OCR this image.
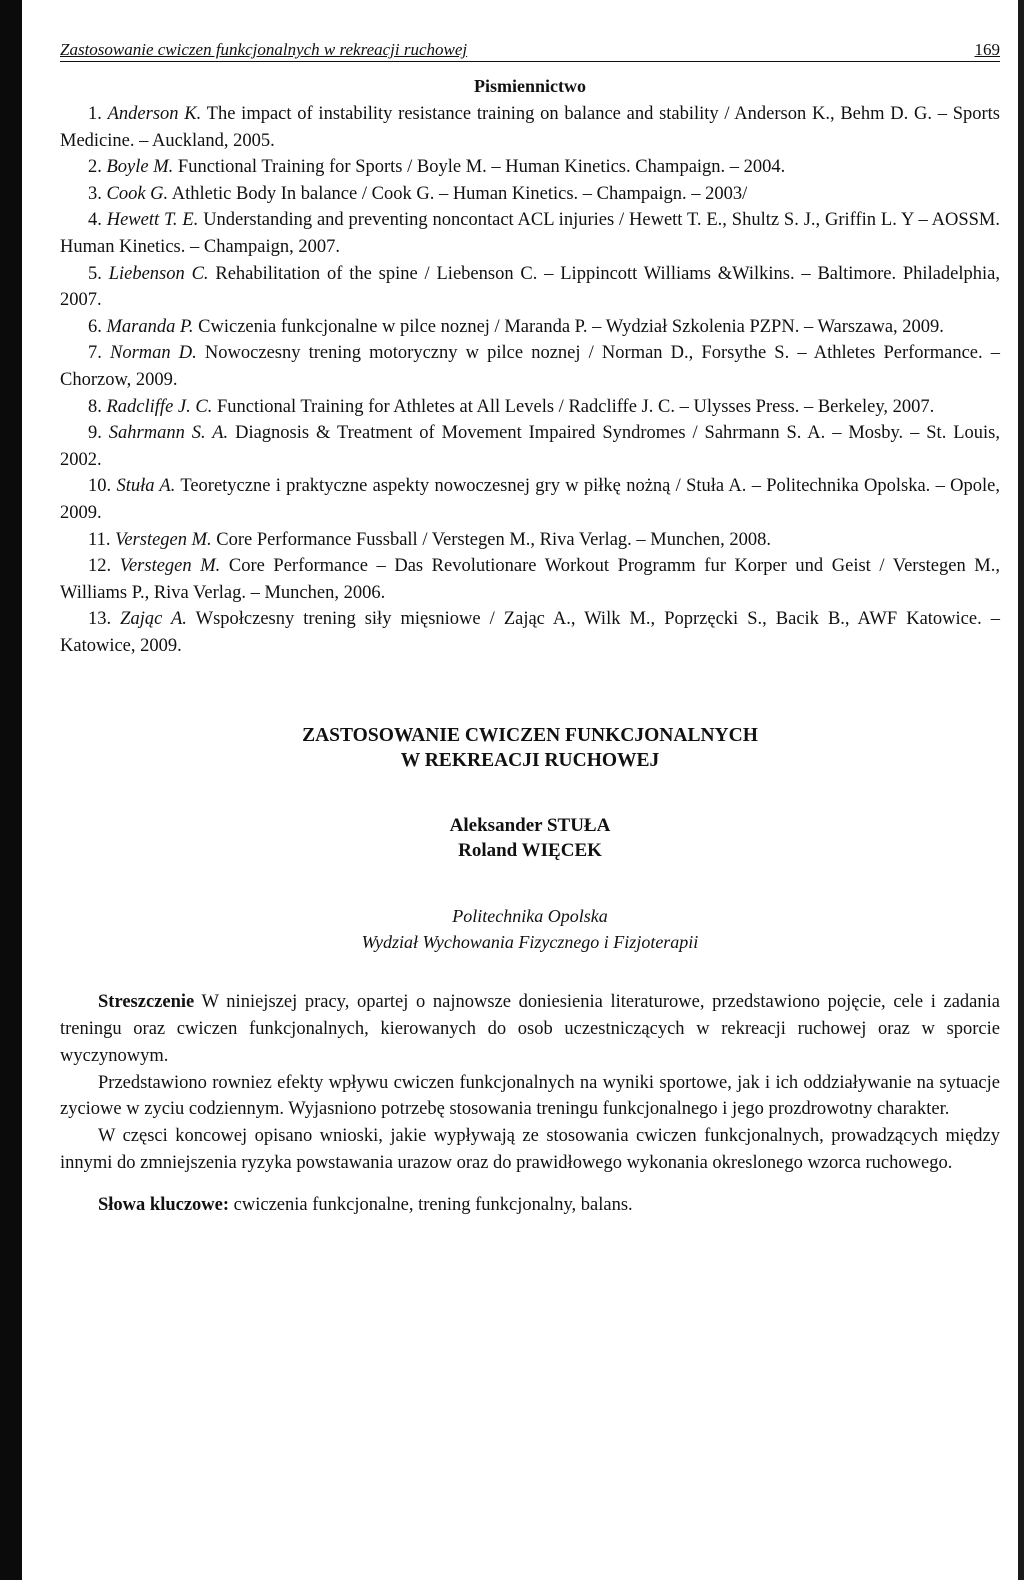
Zastosowanie cwiczen funkcjonalnych w rekreacji ruchowej	169
Pismiennictwo

1. Anderson K. The impact of instability resistance training on balance and stability / Anderson K., Behm D. G. – Sports Medicine. – Auckland, 2005.

2. Boyle M. Functional Training for Sports / Boyle M. – Human Kinetics. Champaign. – 2004.

3. Cook G. Athletic Body In balance / Cook G. – Human Kinetics. – Champaign. – 2003/

4. Hewett T. E. Understanding and preventing noncontact ACL injuries / Hewett T. E., Shultz S. J., Griffin L. Y – AOSSM. Human Kinetics. – Champaign, 2007.

5. Liebenson C. Rehabilitation of the spine / Liebenson C. – Lippincott Williams &Wilkins. – Baltimore. Philadelphia, 2007.

6. Maranda P. Cwiczenia funkcjonalne w pilce noznej / Maranda P. – Wydział Szkolenia PZPN. – Warszawa, 2009.

7. Norman D. Nowoczesny trening motoryczny w pilce noznej / Norman D., Forsythe S. – Athletes Performance. – Chorzow, 2009.

8. Radcliffe J. C. Functional Training for Athletes at All Levels / Radcliffe J. C. – Ulysses Press. – Berkeley, 2007.

9. Sahrmann S. A. Diagnosis & Treatment of Movement Impaired Syndromes / Sahrmann S. A. – Mosby. – St. Louis, 2002.

10. Stuła A. Teoretyczne i praktyczne aspekty nowoczesnej gry w piłkę nożną / Stuła A. – Politechnika Opolska. – Opole, 2009.

11. Verstegen M. Core Performance Fussball / Verstegen M., Riva Verlag. – Munchen, 2008.

12. Verstegen M. Core Performance – Das Revolutionare Workout Programm fur Korper und Geist / Verstegen M., Williams P., Riva Verlag. – Munchen, 2006.

13. Zając A. Wspołczesny trening siły mięsniowe / Zając A., Wilk M., Poprzęcki S., Bacik B., AWF Katowice. – Katowice, 2009.

ZASTOSOWANIE CWICZEN FUNKCJONALNYCH
W REKREACJI RUCHOWEJ
Aleksander STUŁA
Roland WIĘCEK
Politechnika Opolska
Wydział Wychowania Fizycznego i Fizjoterapii

Streszczenie W niniejszej pracy, opartej o najnowsze doniesienia literaturowe, przedstawiono pojęcie, cele i zadania treningu oraz cwiczen funkcjonalnych, kierowanych do osob uczestniczących w rekreacji ruchowej oraz w sporcie wyczynowym.

Przedstawiono rowniez efekty wpływu cwiczen funkcjonalnych na wyniki sportowe, jak i ich oddziaływanie na sytuacje zyciowe w zyciu codziennym. Wyjasniono potrzebę stosowania treningu funkcjonalnego i jego prozdrowotny charakter.

W częsci koncowej opisano wnioski, jakie wypływają ze stosowania cwiczen funkcjonalnych, prowadzących między innymi do zmniejszenia ryzyka powstawania urazow oraz do prawidłowego wykonania okreslonego wzorca ruchowego.

Słowa kluczowe: cwiczenia funkcjonalne, trening funkcjonalny, balans.
